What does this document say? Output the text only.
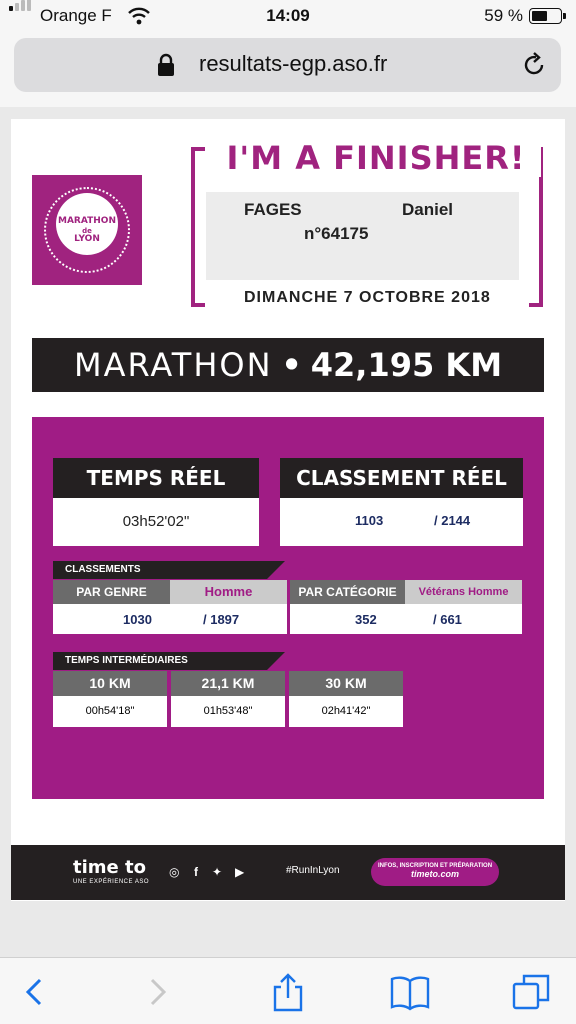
Orange F	14:09	59 %
resultats-egp.aso.fr
MARATHON
de
LYON
I'M A FINISHER!
FAGES	Daniel
n°64175
DIMANCHE 7 OCTOBRE 2018
MARATHON • 42,195 KM
TEMPS RÉEL
03h52'02"
CLASSEMENT RÉEL
1103	/ 2144
CLASSEMENTS
PAR GENRE	Homme
1030	/ 1897
PAR CATÉGORIE	Vétérans Homme
352	/ 661
TEMPS INTERMÉDIAIRES
10 KM
00h54'18"
21,1 KM
01h53'48"
30 KM
02h41'42"
time to
UNE EXPÉRIENCE ASO
◎ f ✦ ▶	#RunInLyon	INFOS, INSCRIPTION ET PRÉPARATION
timeto.com
